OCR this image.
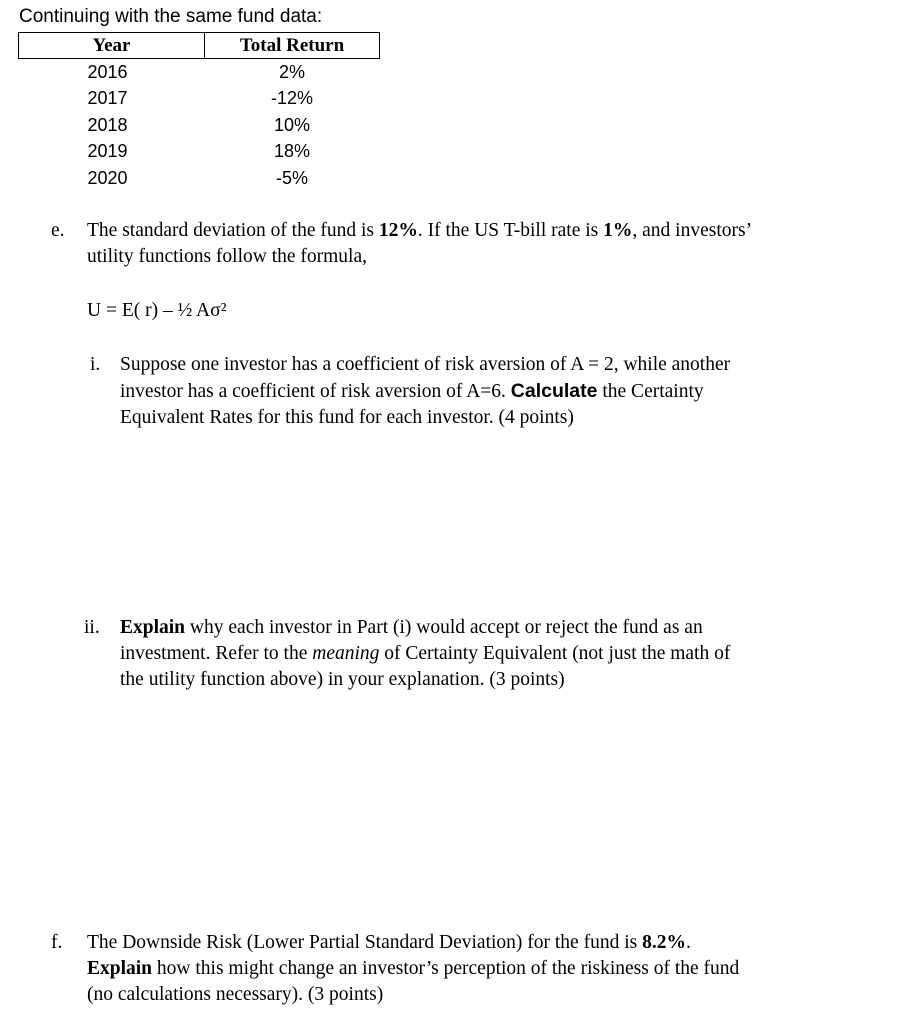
Continuing with the same fund data:
Year	Total Return
2016	2%
2017	-12%
2018	10%
2019	18%
2020	-5%
e. The standard deviation of the fund is 12%. If the US T-bill rate is 1%, and investors’
utility functions follow the formula,
U = E( r) – ½ Aσ²
i. Suppose one investor has a coefficient of risk aversion of A = 2, while another
investor has a coefficient of risk aversion of A=6. Calculate the Certainty
Equivalent Rates for this fund for each investor. (4 points)
ii. Explain why each investor in Part (i) would accept or reject the fund as an
investment. Refer to the meaning of Certainty Equivalent (not just the math of
the utility function above) in your explanation. (3 points)
f. The Downside Risk (Lower Partial Standard Deviation) for the fund is 8.2%.
Explain how this might change an investor’s perception of the riskiness of the fund
(no calculations necessary). (3 points)
